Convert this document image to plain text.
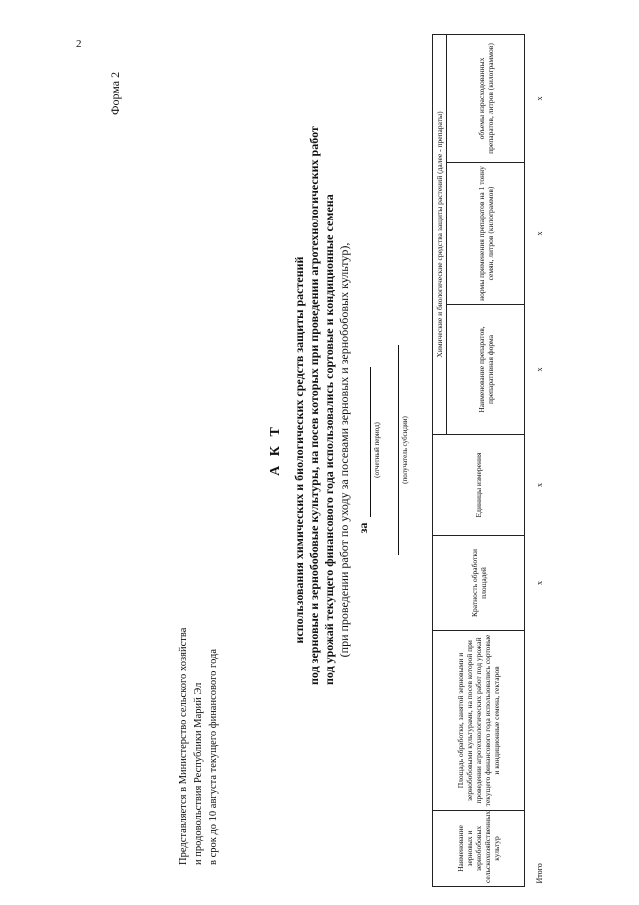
2
Форма 2
Представляется в Министерство сельского хозяйства и продовольствия Республики Марий Эл в срок до 10 августа текущего финансового года
А К Т использования химических и биологических средств защиты растений под зерновые и зернобобовые культуры, на посев которых при проведении агротехнологических работ под урожай текущего финансового года использовались сортовые и кондиционные семена (при проведении работ по уходу за посевами зерновых и зернобобовых культур), за
(отчетный период)	(получатель субсидии)
Наименование зерновых и зернобобовых сельскохозяйственных культур	Площадь обработки, занятой зерновыми и зернобобовыми культурами, на посев которой при проведении агротехнологических работ под урожай текущего финансового года использовались сортовые и кондиционные семена, гектаров	Кратность обработки площадей	Единицы измерения	Химические и биологические средства защиты растений (далее - препараты)		
				Наименование препаратов, препаративная форма	нормы применения препаратов на 1 тонну семян, литров (килограммов)	объемы израсходованных препаратов, литров (килограммов)
Итого		x	x	x	x	x
